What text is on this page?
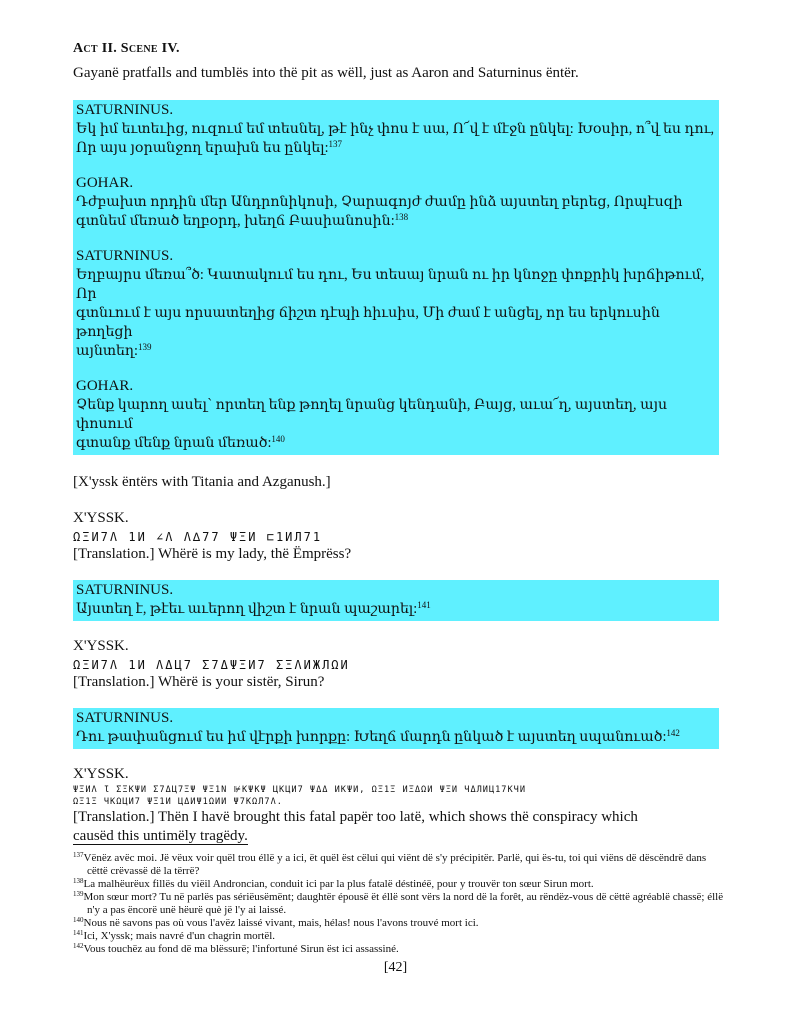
Act II. Scene IV.

Gayanë pratfalls and tumblës into thë pit as wëll, just as Aaron and Saturninus ëntër.

SATURNINUS.

Եկ իմ եւտեւից, ուզում եմ տեսնել, թէ ինչ փոս է սա, Ո՜վ է մէջն ընկել: Խօսիր, ո՞վ ես դու,

Որ այս յօրանջող երախն ես ընկել:$^{137}$

GOHAR.

Դժբախտ որդին մեր Անդրոնիկոսի, Չարագոյժ ժամը ինձ այստեղ բերեց, Որպէսզի

գտնեմ մեռած եղբօրդ, խեղճ Բասիանոսին:$^{138}$

SATURNINUS.

Եղբայրս մեռա՞ծ: Կատակում ես դու, Ես տեսայ նրան ու իր կնոջը փոքրիկ խրճիթում, Որ

գտնւում է այս որսատեղից ճիշտ դէպի հիւսիս, Մի ժամ է անցել, որ ես երկուսին թողեցի

այնտեղ:$^{139}$

GOHAR.

Չենք կարող ասել՝ որտեղ ենք թողել նրանց կենդանի, Բայց, աւա՜ղ, այստեղ, այս փոսում

գտանք մենք նրան մեռած:$^{140}$

[X'yssk ëntërs with Titania and Azganush.]

X'YSSK.

ΩΞИ7Ʌ 1И ∠Ʌ Ʌ∆77 ΨΞИ ⊏1ИЛ71

[Translation.] Whërë is my lady, thë Ëmprëss?

SATURNINUS.

Այստեղ է, թէեւ աւերող վիշտ է նրան պաշարել:$^{141}$

X'YSSK.

ΩΞИ7Ʌ 1И ɅΔЦ7 Ʃ7ΔΨΞИ7 ƩΞɅИЖЛΩИ

[Translation.] Whërë is your sistër, Sirun?

SATURNINUS.

Դու թափանցում ես իմ վէրքի խորքը: Խեղճ մարդն ընկած է այստեղ սպանուած:$^{142}$

X'YSSK.

ΨΞИΛ Ɩ ƩΞΚΨИ Ʃ7ΔЦ7ΞΨ ΨΞ1Ν ⊯ΚΨΚΨ ЦΚЦИ7 ΨΔΔ ИΚΨИ, ΩΞ1Ξ ИΞΔΩИ ΨΞИ ЧΔЛИЦ17ΚЧИ

ΩΞ1Ξ ЧΚΩЦИ7 ΨΞ1И ЦΔИΨ1ΩИИ Ψ7ΚΩЛ7Ʌ.

[Translation.] Thën I havë brought this fatal papër too latë, which shows thë conspiracy which

causëd this untimëly tragëdy.

$^{137}$Vënëz avëc moi. Jë vëux voir quël trou éllë y a ici, ët quël ëst cëlui qui viënt dë s'y précipitër. Parlë, qui ës-tu, toi qui viëns dë dëscëndrë dans cëttë crëvassë dë la tërrë?

$^{138}$La malhëurëux fillës du viëil Androncian, conduit ici par la plus fatalë déstinéë, pour y trouvër ton sœur Sirun mort.

$^{139}$Mon sœur mort? Tu në parlës pas sériëusëmënt; daughtër épousë ët éllë sont vërs la nord dë la forêt, au rëndëz-vous dë cëttë agréablë chassë; éllë n'y a pas ëncorë unë hëurë què jë l'y ai laissé.

$^{140}$Nous në savons pas où vous l'avëz laissé vivant, mais, hélas! nous l'avons trouvé mort ici.

$^{141}$Ici, X'yssk; mais navré d'un chagrin mortël.

$^{142}$Vous touchëz au fond dë ma blëssurë; l'infortuné Sirun ëst ici assassiné.

[42]
